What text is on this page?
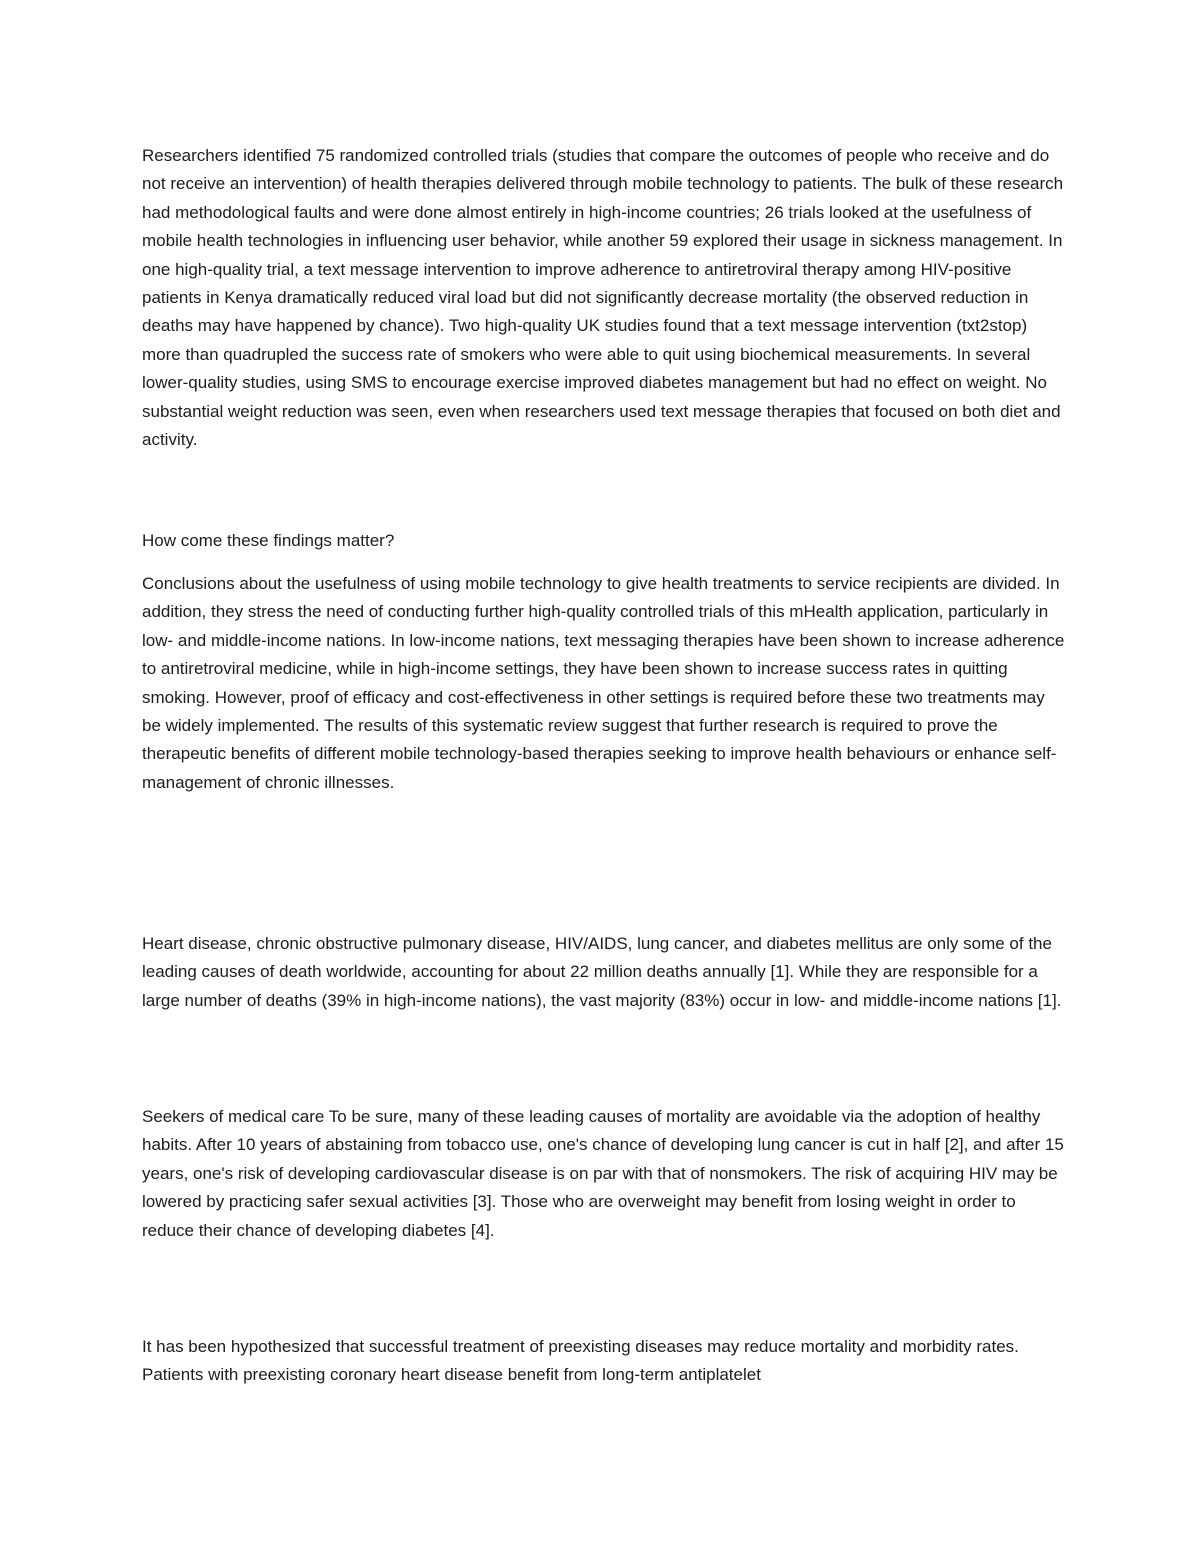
Researchers identified 75 randomized controlled trials (studies that compare the outcomes of people who receive and do not receive an intervention) of health therapies delivered through mobile technology to patients. The bulk of these research had methodological faults and were done almost entirely in high-income countries; 26 trials looked at the usefulness of mobile health technologies in influencing user behavior, while another 59 explored their usage in sickness management. In one high-quality trial, a text message intervention to improve adherence to antiretroviral therapy among HIV-positive patients in Kenya dramatically reduced viral load but did not significantly decrease mortality (the observed reduction in deaths may have happened by chance). Two high-quality UK studies found that a text message intervention (txt2stop) more than quadrupled the success rate of smokers who were able to quit using biochemical measurements. In several lower-quality studies, using SMS to encourage exercise improved diabetes management but had no effect on weight. No substantial weight reduction was seen, even when researchers used text message therapies that focused on both diet and activity.

How come these findings matter?

Conclusions about the usefulness of using mobile technology to give health treatments to service recipients are divided. In addition, they stress the need of conducting further high-quality controlled trials of this mHealth application, particularly in low- and middle-income nations. In low-income nations, text messaging therapies have been shown to increase adherence to antiretroviral medicine, while in high-income settings, they have been shown to increase success rates in quitting smoking. However, proof of efficacy and cost-effectiveness in other settings is required before these two treatments may be widely implemented. The results of this systematic review suggest that further research is required to prove the therapeutic benefits of different mobile technology-based therapies seeking to improve health behaviours or enhance self-management of chronic illnesses.

Heart disease, chronic obstructive pulmonary disease, HIV/AIDS, lung cancer, and diabetes mellitus are only some of the leading causes of death worldwide, accounting for about 22 million deaths annually [1]. While they are responsible for a large number of deaths (39% in high-income nations), the vast majority (83%) occur in low- and middle-income nations [1].

Seekers of medical care To be sure, many of these leading causes of mortality are avoidable via the adoption of healthy habits. After 10 years of abstaining from tobacco use, one's chance of developing lung cancer is cut in half [2], and after 15 years, one's risk of developing cardiovascular disease is on par with that of nonsmokers. The risk of acquiring HIV may be lowered by practicing safer sexual activities [3]. Those who are overweight may benefit from losing weight in order to reduce their chance of developing diabetes [4].

It has been hypothesized that successful treatment of preexisting diseases may reduce mortality and morbidity rates. Patients with preexisting coronary heart disease benefit from long-term antiplatelet
